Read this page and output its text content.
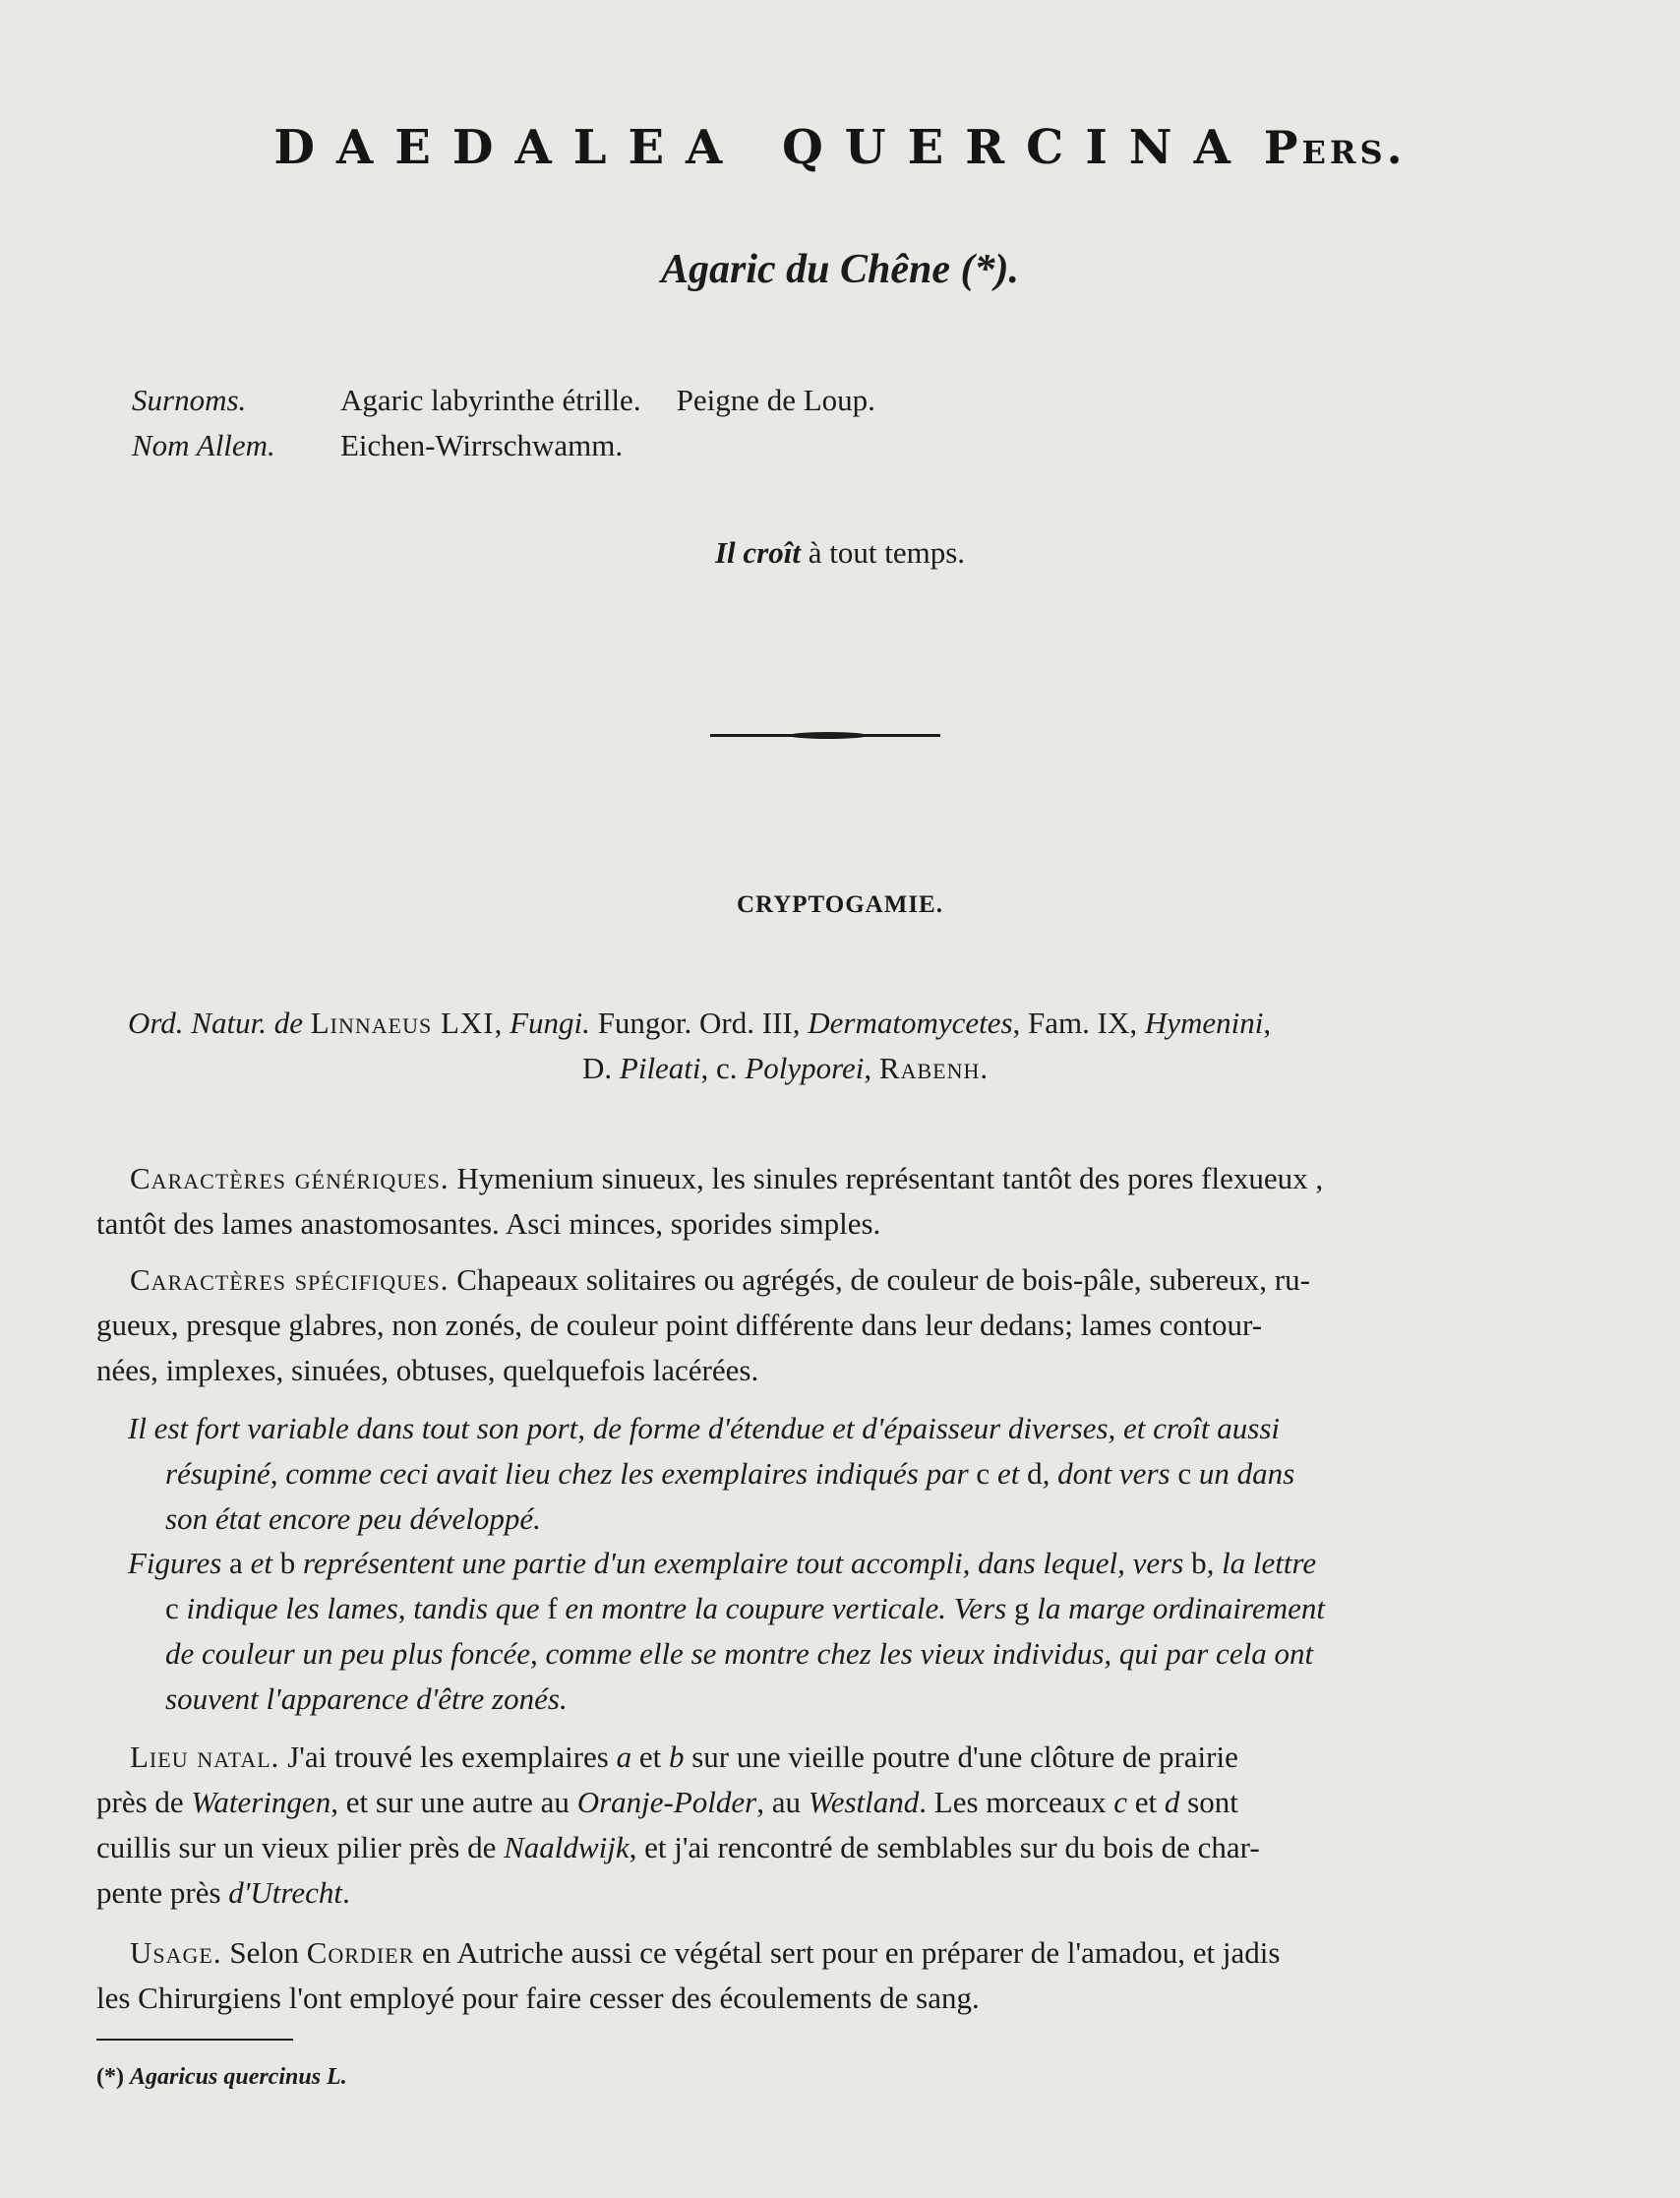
DAEDALEA QUERCINA Pers.
Agaric du Chêne (*).
Surnoms.	Agaric labyrinthe étrille. Peigne de Loup.
Nom Allem.	Eichen-Wirrschwamm.
Il croît à tout temps.
CRYPTOGAMIE.
Ord. Natur. de Linnaeus LXI, Fungi. Fungor. Ord. III, Dermatomycetes, Fam. IX, Hymenini,
D. Pileati, c. Polyporei, Rabenh.
Caractères génériques. Hymenium sinueux, les sinules représentant tantôt des pores flexueux ,
tantôt des lames anastomosantes. Asci minces, sporides simples.
Caractères spécifiques. Chapeaux solitaires ou agrégés, de couleur de bois-pâle, subereux, ru-
gueux, presque glabres, non zonés, de couleur point différente dans leur dedans; lames contour-
nées, implexes, sinuées, obtuses, quelquefois lacérées.
Il est fort variable dans tout son port, de forme d'étendue et d'épaisseur diverses, et croît aussi
résupiné, comme ceci avait lieu chez les exemplaires indiqués par c et d, dont vers c un dans
son état encore peu développé.
Figures a et b représentent une partie d'un exemplaire tout accompli, dans lequel, vers b, la lettre
c indique les lames, tandis que f en montre la coupure verticale. Vers g la marge ordinairement
de couleur un peu plus foncée, comme elle se montre chez les vieux individus, qui par cela ont
souvent l'apparence d'être zonés.
Lieu natal. J'ai trouvé les exemplaires a et b sur une vieille poutre d'une clôture de prairie
près de Wateringen, et sur une autre au Oranje-Polder, au Westland. Les morceaux c et d sont
cuillis sur un vieux pilier près de Naaldwijk, et j'ai rencontré de semblables sur du bois de char-
pente près d'Utrecht.
Usage. Selon Cordier en Autriche aussi ce végétal sert pour en préparer de l'amadou, et jadis
les Chirurgiens l'ont employé pour faire cesser des écoulements de sang.
(*) Agaricus quercinus L.
